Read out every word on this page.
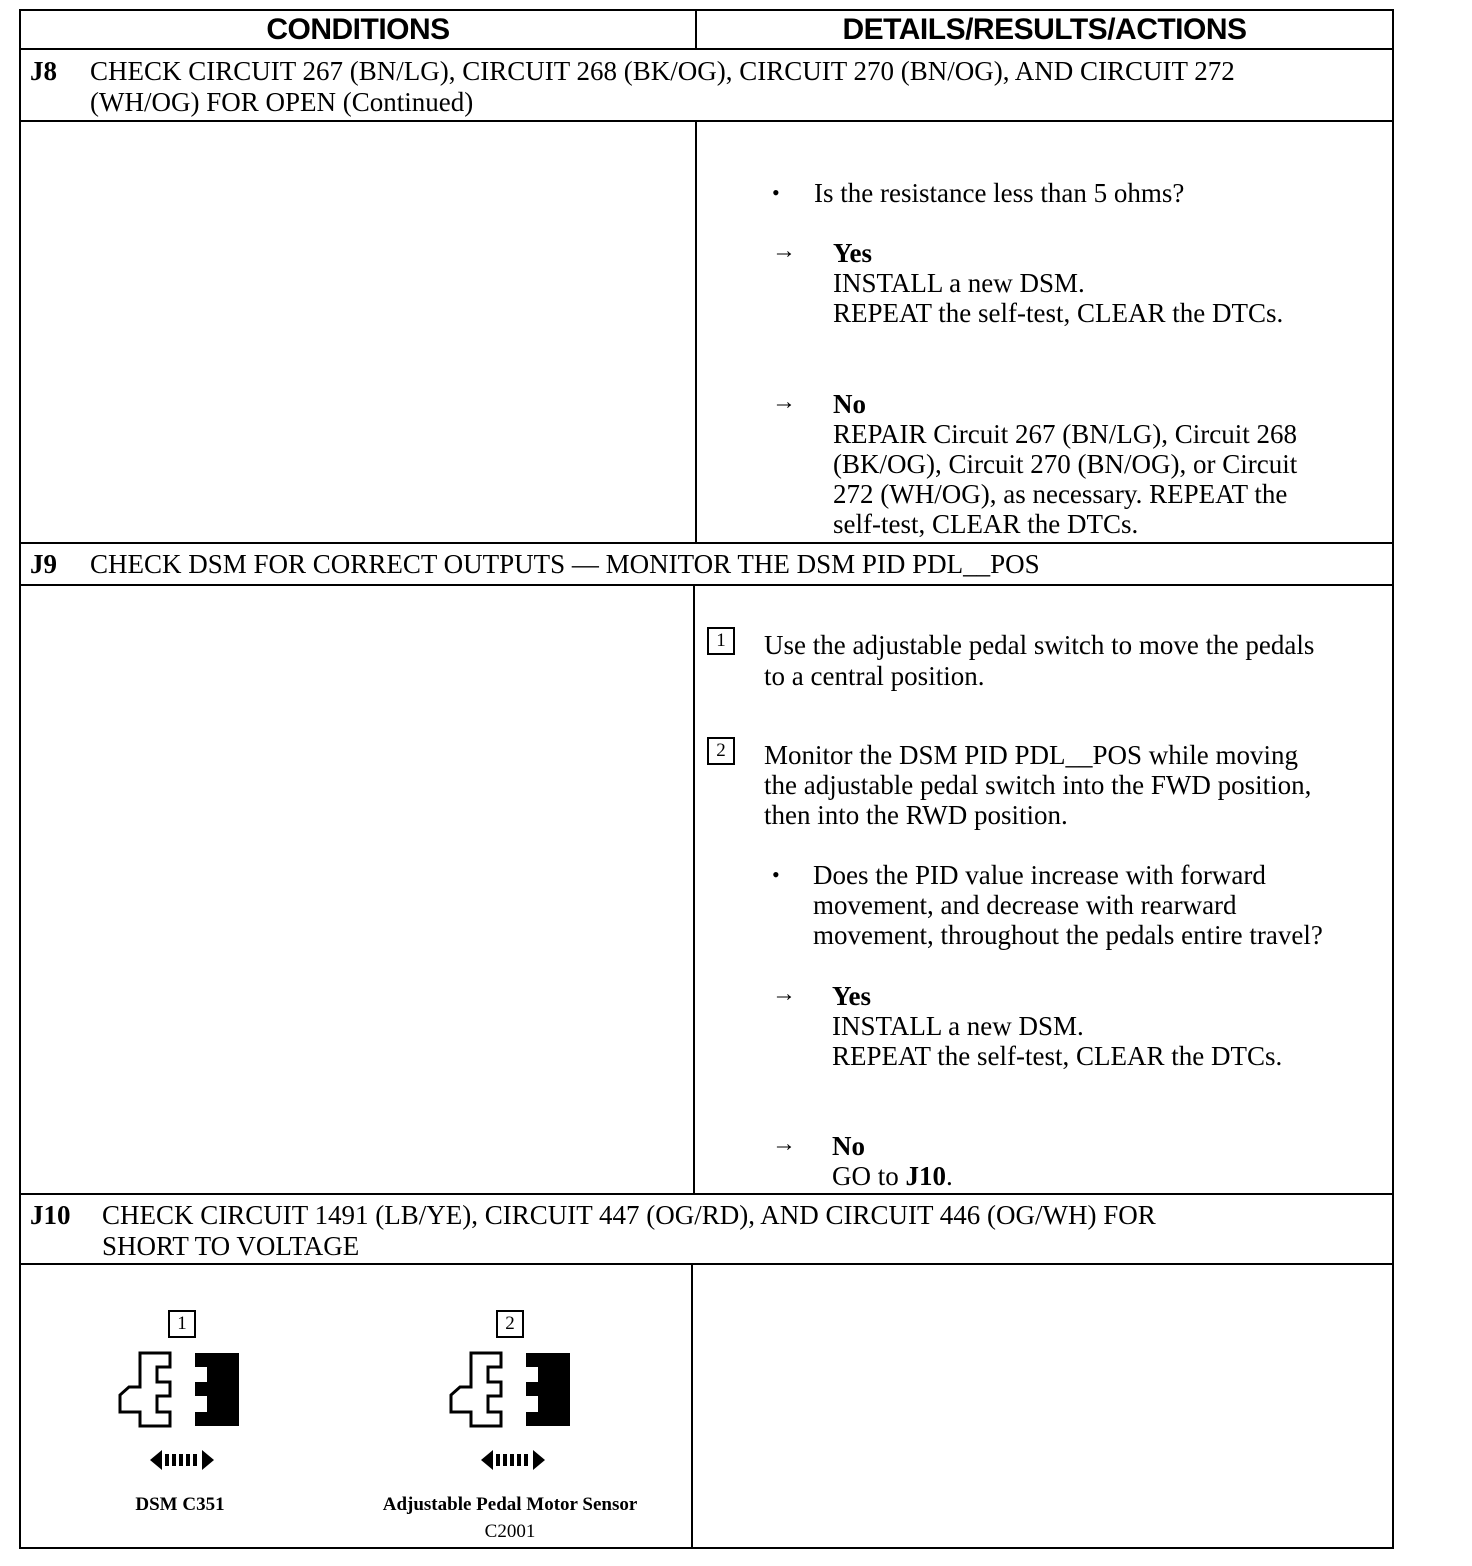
CONDITIONS	DETAILS/RESULTS/ACTIONS
J8 CHECK CIRCUIT 267 (BN/LG), CIRCUIT 268 (BK/OG), CIRCUIT 270 (BN/OG), AND CIRCUIT 272
(WH/OG) FOR OPEN (Continued)
• Is the resistance less than 5 ohms?
→ Yes
INSTALL a new DSM.
REPEAT the self-test, CLEAR the DTCs.
→ No
REPAIR Circuit 267 (BN/LG), Circuit 268
(BK/OG), Circuit 270 (BN/OG), or Circuit
272 (WH/OG), as necessary. REPEAT the
self-test, CLEAR the DTCs.
J9 CHECK DSM FOR CORRECT OUTPUTS — MONITOR THE DSM PID PDL__POS
1	Use the adjustable pedal switch to move the pedals
to a central position.
2	Monitor the DSM PID PDL__POS while moving
the adjustable pedal switch into the FWD position,
then into the RWD position.
• Does the PID value increase with forward
movement, and decrease with rearward
movement, throughout the pedals entire travel?
→ Yes
INSTALL a new DSM.
REPEAT the self-test, CLEAR the DTCs.
→ No
GO to J10.
J10 CHECK CIRCUIT 1491 (LB/YE), CIRCUIT 447 (OG/RD), AND CIRCUIT 446 (OG/WH) FOR
SHORT TO VOLTAGE
1
DSM C351
2
Adjustable Pedal Motor Sensor
C2001
